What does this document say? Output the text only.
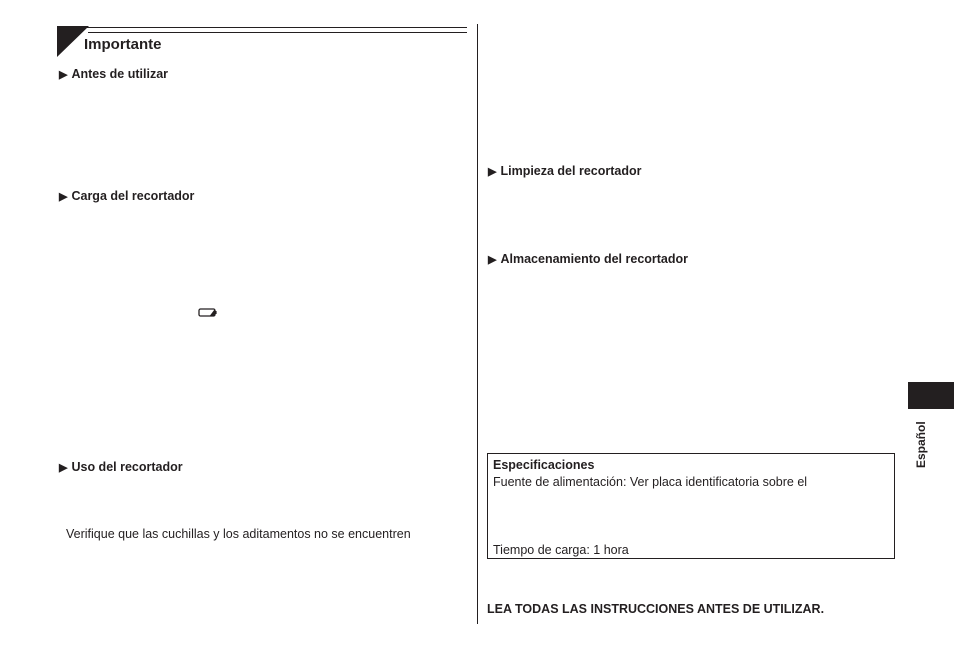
Importante
▶ Antes de utilizar
▶ Carga del recortador
▶ Uso del recortador
Verifique que las cuchillas y los aditamentos no se encuentren
▶ Limpieza del recortador
▶ Almacenamiento del recortador
Especificaciones
Fuente de alimentación: Ver placa identificatoria sobre el
Tiempo de carga: 1 hora
Español
LEA TODAS LAS INSTRUCCIONES ANTES DE UTILIZAR.
